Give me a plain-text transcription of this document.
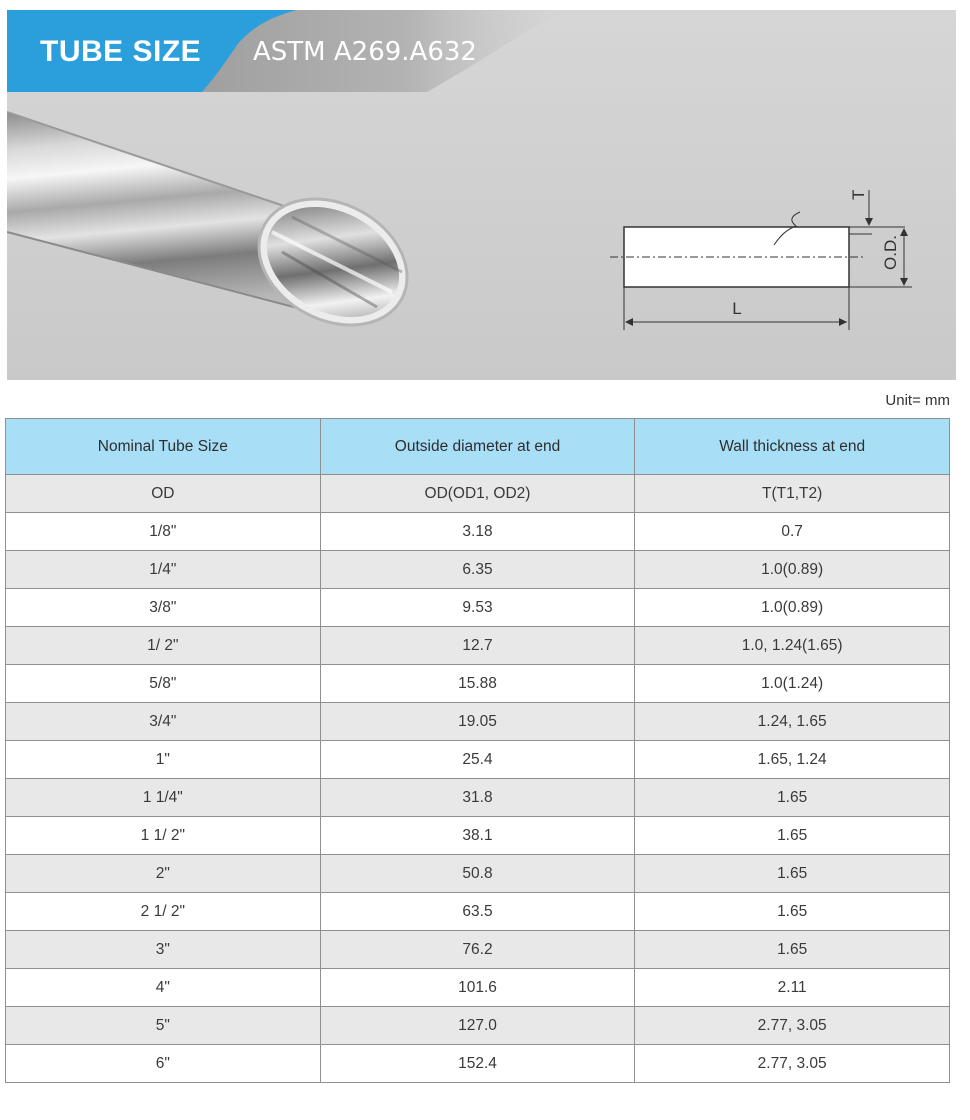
TUBE SIZE ASTM A269.A632
T
O.D.
L
Unit= mm
Nominal Tube Size	Outside diameter at end	Wall thickness at end
OD	OD(OD1, OD2)	T(T1,T2)
1/8"	3.18	0.7
1/4"	6.35	1.0(0.89)
3/8"	9.53	1.0(0.89)
1/ 2"	12.7	1.0, 1.24(1.65)
5/8"	15.88	1.0(1.24)
3/4"	19.05	1.24, 1.65
1"	25.4	1.65, 1.24
1 1/4"	31.8	1.65
1 1/ 2"	38.1	1.65
2"	50.8	1.65
2 1/ 2"	63.5	1.65
3"	76.2	1.65
4"	101.6	2.11
5"	127.0	2.77, 3.05
6"	152.4	2.77, 3.05
